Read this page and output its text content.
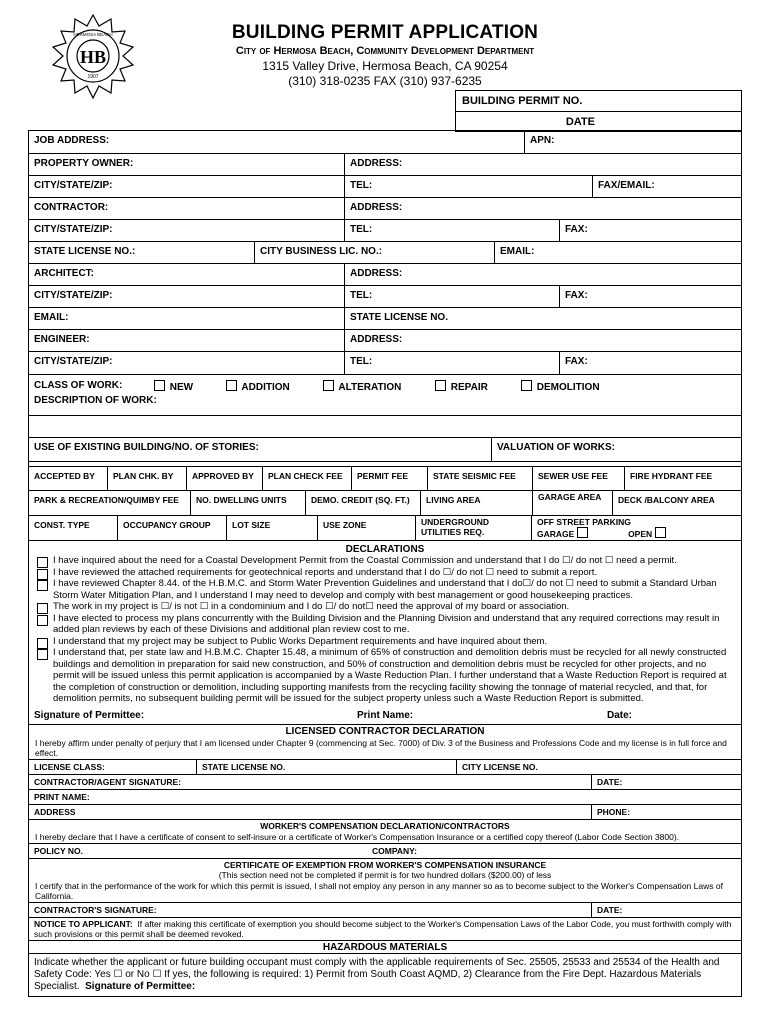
HB
1907
HERMOSA BEACH	BUILDING PERMIT APPLICATION
City of Hermosa Beach, Community Development Department
1315 Valley Drive, Hermosa Beach, CA 90254
(310) 318-0235 FAX (310) 937-6235
BUILDING PERMIT NO.
DATE
JOB ADDRESS:	APN:
PROPERTY OWNER:	ADDRESS:
CITY/STATE/ZIP:	TEL:	FAX/EMAIL:
CONTRACTOR:	ADDRESS:
CITY/STATE/ZIP:	TEL:	FAX:
STATE LICENSE NO.:	CITY BUSINESS LIC. NO.:	EMAIL:
ARCHITECT:	ADDRESS:
CITY/STATE/ZIP:	TEL:	FAX:
EMAIL:	STATE LICENSE NO.
ENGINEER:	ADDRESS:
CITY/STATE/ZIP:	TEL:	FAX:
CLASS OF WORK:	NEW	ADDITION	ALTERATION	REPAIR	DEMOLITION
DESCRIPTION OF WORK:
USE OF EXISTING BUILDING/NO. OF STORIES:	VALUATION OF WORKS:
ACCEPTED BY	PLAN CHK. BY	APPROVED BY	PLAN CHECK FEE	PERMIT FEE	STATE SEISMIC FEE	SEWER USE FEE	FIRE HYDRANT FEE
PARK & RECREATION/QUIMBY FEE	NO. DWELLING UNITS	DEMO. CREDIT (SQ. FT.)	LIVING AREA	GARAGE AREA	DECK /BALCONY AREA
CONST. TYPE	OCCUPANCY GROUP	LOT SIZE	USE ZONE	UNDERGROUND UTILITIES REQ.
OFF STREET PARKING
GARAGE	OPEN
DECLARATIONS
I have inquired about the need for a Coastal Development Permit from the Coastal Commission and understand that I do ☐/ do not ☐ need a permit.
I have reviewed the attached requirements for geotechnical reports and understand that I do ☐/ do not ☐ need to submit a report.
I have reviewed Chapter 8.44. of the H.B.M.C. and Storm Water Prevention Guidelines and understand that I do☐/ do not ☐ need to submit a Standard Urban Storm Water Mitigation Plan, and I understand I may need to develop and comply with best management or good housekeeping practices.
The work in my project is ☐/ is not ☐ in a condominium and I do ☐/ do not☐ need the approval of my board or association.
I have elected to process my plans concurrently with the Building Division and the Planning Division and understand that any required corrections may result in added plan reviews by each of these Divisions and additional plan review cost to me.
I understand that my project may be subject to Public Works Department requirements and have inquired about them.
I understand that, per state law and H.B.M.C. Chapter 15.48, a minimum of 65% of construction and demolition debris must be recycled for all newly constructed buildings and demolition in preparation for said new construction, and 50% of construction and demolition debris must be recycled for other projects, and no permit will be issued unless this permit application is accompanied by a Waste Reduction Plan. I further understand that a Waste Reduction Report is required at the completion of construction or demolition, including supporting manifests from the recycling facility showing the tonnage of material recycled, and that, for demolition permits, no subsequent building permit will be issued for the subject property unless such a Waste Reduction Report is submitted.
Signature of Permittee:	Print Name:	Date:
LICENSED CONTRACTOR DECLARATION
I hereby affirm under penalty of perjury that I am licensed under Chapter 9 (commencing at Sec. 7000) of Div. 3 of the Business and Professions Code and my license is in full force and effect.
LICENSE CLASS:	STATE LICENSE NO.	CITY LICENSE NO.
CONTRACTOR/AGENT SIGNATURE:	DATE:
PRINT NAME:
ADDRESS	PHONE:
WORKER'S COMPENSATION DECLARATION/CONTRACTORS
I hereby declare that I have a certificate of consent to self-insure or a certificate of Worker's Compensation Insurance or a certified copy thereof (Labor Code Section 3800).
POLICY NO.	COMPANY:
CERTIFICATE OF EXEMPTION FROM WORKER'S COMPENSATION INSURANCE
(This section need not be completed if permit is for two hundred dollars ($200.00) of less
I certify that in the performance of the work for which this permit is issued, I shall not employ any person in any manner so as to become subject to the Worker's Compensation Laws of California.
CONTRACTOR'S SIGNATURE:	DATE:
NOTICE TO APPLICANT: If after making this certificate of exemption you should become subject to the Worker's Compensation Laws of the Labor Code, you must forthwith comply with such provisions or this permit shall be deemed revoked.
HAZARDOUS MATERIALS
Indicate whether the applicant or future building occupant must comply with the applicable requirements of Sec. 25505, 25533 and 25534 of the Health and Safety Code: Yes ☐ or No ☐ If yes, the following is required: 1) Permit from South Coast AQMD, 2) Clearance from the Fire Dept. Hazardous Materials Specialist. Signature of Permittee:
